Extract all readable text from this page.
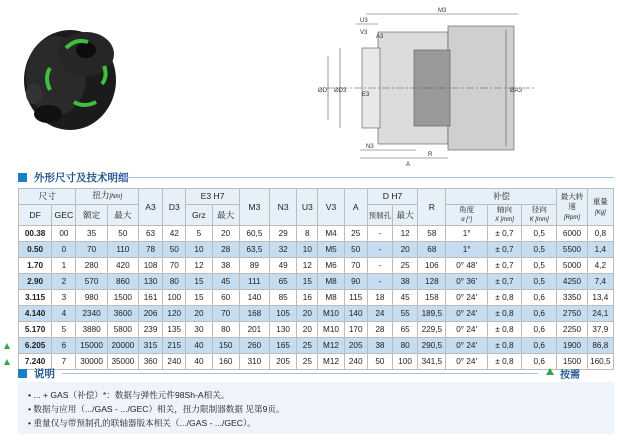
M3
U3
V3
A3
N3
A
R
E3
ØD3
ØD	ØA3
外形尺寸及技术明细
尺寸		扭力[Nm]		A3	D3	E3 H7		M3	N3	U3	V3	A	D H7		R	补偿			最大转速
[Rpm]	重量
[Kg]
DF	GEC	额定	最大			Grz	最大						预制孔	最大		角度
α [°]	轴向
X [mm]	径向
K [mm]		
00.38	00	35	50	63	42	5	20	60,5	29	8	M4	25	-	12	58	1°	± 0,7	0,5	6000	0,8
0.50	0	70	110	78	50	10	28	63,5	32	10	M5	50	-	20	68	1°	± 0,7	0,5	5500	1,4
1.70	1	280	420	108	70	12	38	89	49	12	M6	70	-	25	106	0° 48'	± 0,7	0,5	5000	4,2
2.90	2	570	860	130	80	15	45	111	65	15	M8	90	-	38	128	0° 36'	± 0,7	0,5	4250	7,4
3.115	3	980	1500	161	100	15	60	140	85	16	M8	115	18	45	158	0° 24'	± 0,8	0,6	3350	13,4
4.140	4	2340	3600	206	120	20	70	168	105	20	M10	140	24	55	189,5	0° 24'	± 0,8	0,6	2750	24,1
5.170	5	3880	5800	239	135	30	80	201	130	20	M10	170	28	65	229,5	0° 24'	± 0,8	0,6	2250	37,9
6.205	6	15000	20000	315	215	40	150	260	165	25	M12	205	38	80	290,5	0° 24'	± 0,8	0,6	1900	86,8
7.240	7	30000	35000	360	240	40	160	310	205	25	M12	240	50	100	341,5	0° 24'	± 0,8	0,6	1500	160,5
按需
说明
• ... + GAS（补偿）*：数据与弹性元件98Sh-A相关。
• 数据与应用（.../GAS - .../GEC）相关，扭力限制器数据 见第9页。
• 重量仅与带预制孔的联轴器版本相关（.../GAS - .../GEC）。
